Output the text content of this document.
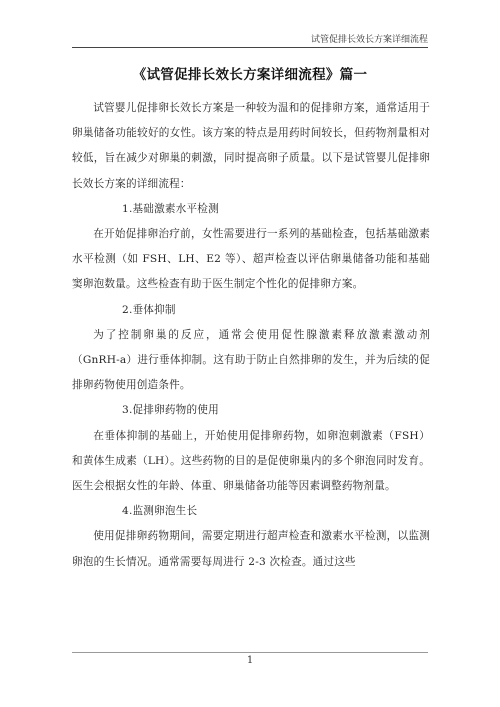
试管促排长效长方案详细流程
《试管促排长效长方案详细流程》篇一

试管婴儿促排卵长效长方案是一种较为温和的促排卵方案，通常适用于卵巢储备功能较好的女性。该方案的特点是用药时间较长，但药物剂量相对较低，旨在减少对卵巢的刺激，同时提高卵子质量。以下是试管婴儿促排卵长效长方案的详细流程：

1.基础激素水平检测

在开始促排卵治疗前，女性需要进行一系列的基础检查，包括基础激素水平检测（如 FSH、LH、E2 等）、超声检查以评估卵巢储备功能和基础窦卵泡数量。这些检查有助于医生制定个性化的促排卵方案。

2.垂体抑制

为了控制卵巢的反应，通常会使用促性腺激素释放激素激动剂（GnRH-a）进行垂体抑制。这有助于防止自然排卵的发生，并为后续的促排卵药物使用创造条件。

3.促排卵药物的使用

在垂体抑制的基础上，开始使用促排卵药物，如卵泡刺激素（FSH）和黄体生成素（LH）。这些药物的目的是促使卵巢内的多个卵泡同时发育。医生会根据女性的年龄、体重、卵巢储备功能等因素调整药物剂量。

4.监测卵泡生长

使用促排卵药物期间，需要定期进行超声检查和激素水平检测，以监测卵泡的生长情况。通常需要每周进行 2-3 次检查。通过这些

1
